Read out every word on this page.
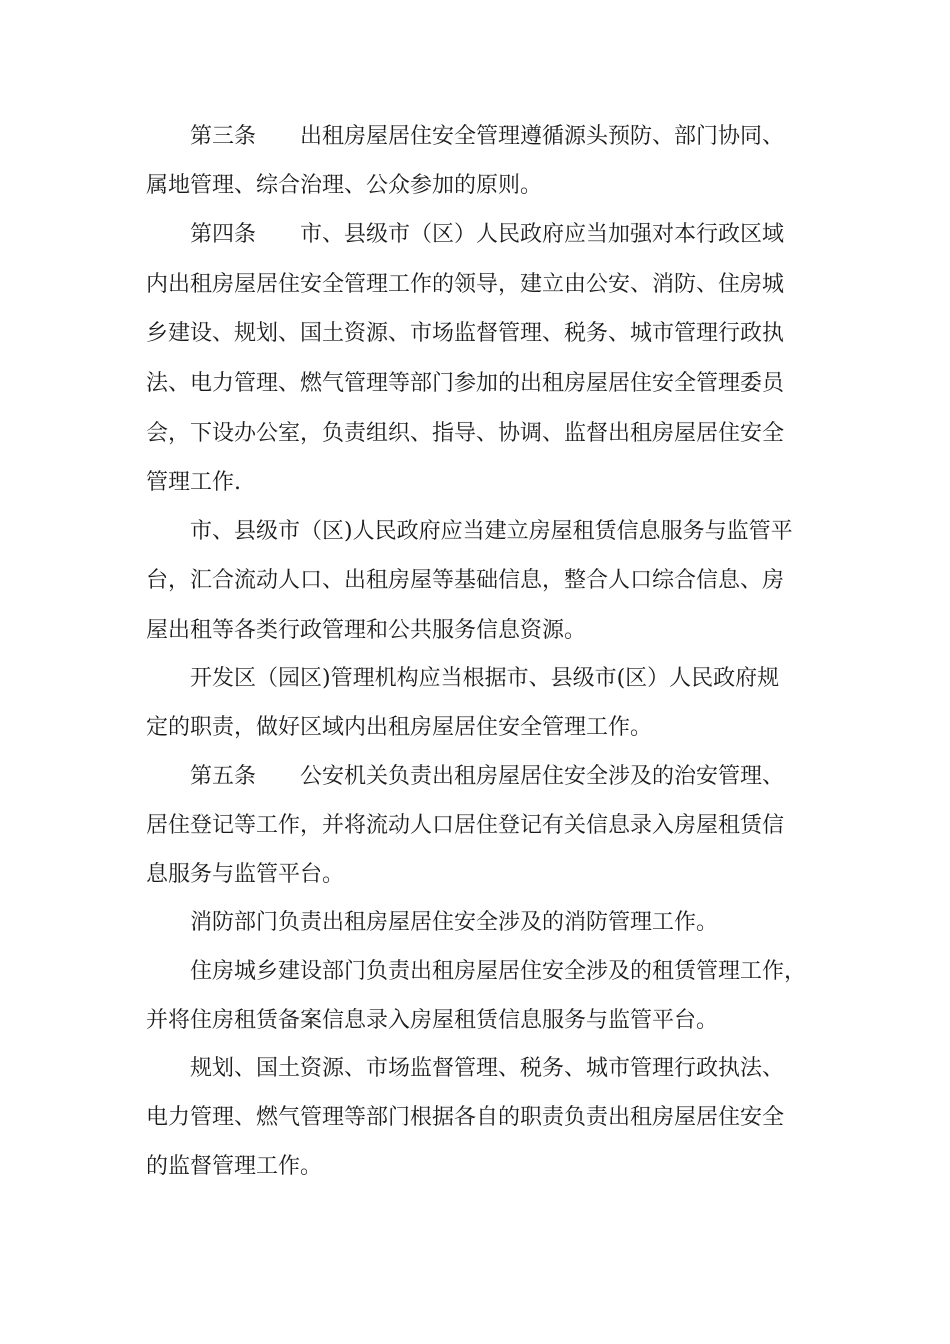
第三条 出租房屋居住安全管理遵循源头预防、部门协同、
属地管理、综合治理、公众参加的原则。
第四条 市、县级市（区）人民政府应当加强对本行政区域
内出租房屋居住安全管理工作的领导，建立由公安、消防、住房城
乡建设、规划、国土资源、市场监督管理、税务、城市管理行政执
法、电力管理、燃气管理等部门参加的出租房屋居住安全管理委员
会，下设办公室，负责组织、指导、协调、监督出租房屋居住安全
管理工作.
市、县级市（区)人民政府应当建立房屋租赁信息服务与监管平
台，汇合流动人口、出租房屋等基础信息，整合人口综合信息、房
屋出租等各类行政管理和公共服务信息资源。
开发区（园区)管理机构应当根据市、县级市(区）人民政府规
定的职责，做好区域内出租房屋居住安全管理工作。
第五条 公安机关负责出租房屋居住安全涉及的治安管理、
居住登记等工作，并将流动人口居住登记有关信息录入房屋租赁信
息服务与监管平台。
消防部门负责出租房屋居住安全涉及的消防管理工作。
住房城乡建设部门负责出租房屋居住安全涉及的租赁管理工作，
并将住房租赁备案信息录入房屋租赁信息服务与监管平台。
规划、国土资源、市场监督管理、税务、城市管理行政执法、
电力管理、燃气管理等部门根据各自的职责负责出租房屋居住安全
的监督管理工作。
